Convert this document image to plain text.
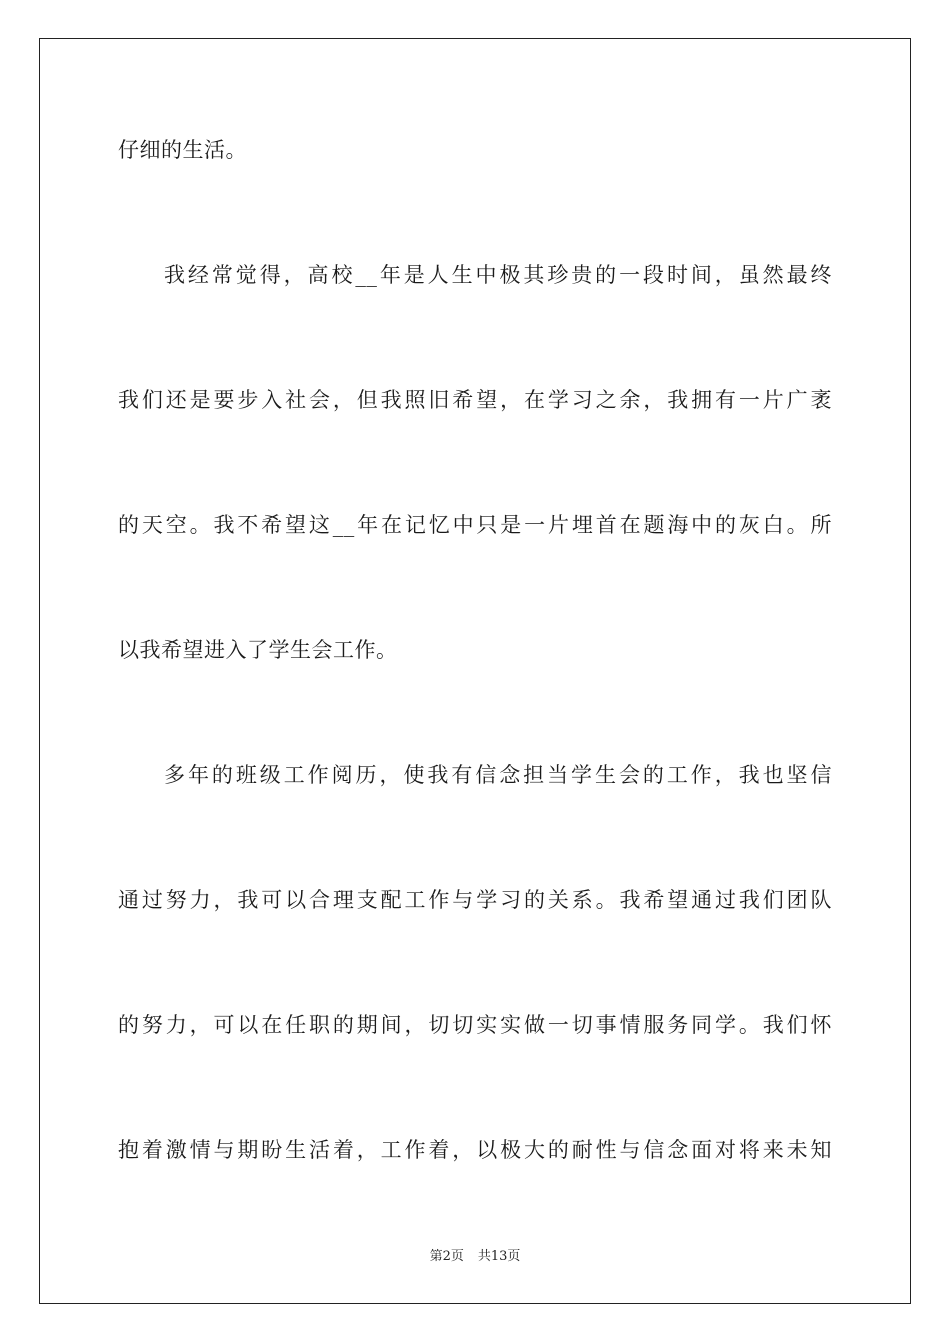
仔细的生活。
我经常觉得，高校__年是人生中极其珍贵的一段时间，虽然最终
我们还是要步入社会，但我照旧希望，在学习之余，我拥有一片广袤
的天空。我不希望这__年在记忆中只是一片埋首在题海中的灰白。所
以我希望进入了学生会工作。
多年的班级工作阅历，使我有信念担当学生会的工作，我也坚信
通过努力，我可以合理支配工作与学习的关系。我希望通过我们团队
的努力，可以在任职的期间，切切实实做一切事情服务同学。我们怀
抱着激情与期盼生活着，工作着，以极大的耐性与信念面对将来未知
第2页 共13页
